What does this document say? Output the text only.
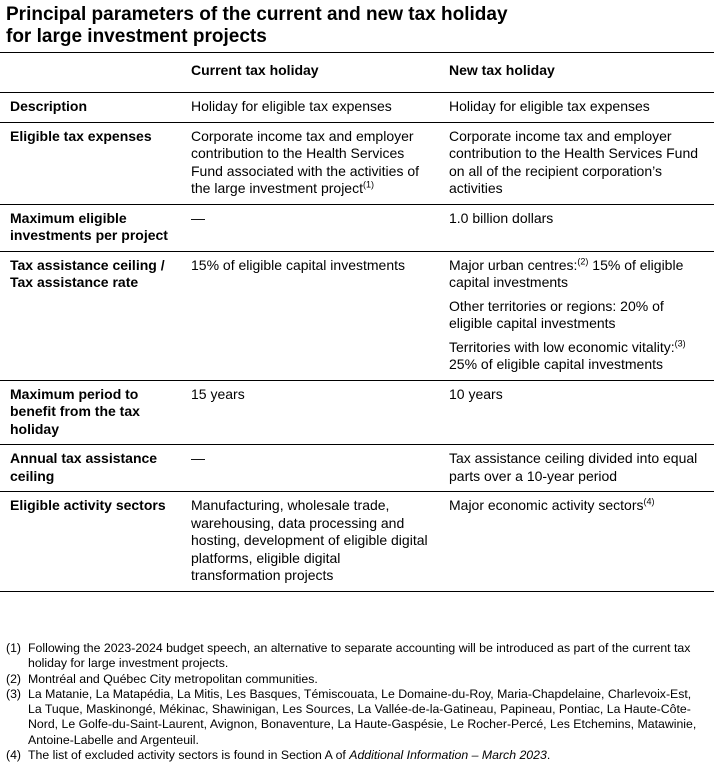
Principal parameters of the current and new tax holiday
for large investment projects
	Current tax holiday	New tax holiday
Description	Holiday for eligible tax expenses	Holiday for eligible tax expenses
Eligible tax expenses	Corporate income tax and employer contribution to the Health Services Fund associated with the activities of the large investment project$^{(1)}$	Corporate income tax and employer contribution to the Health Services Fund on all of the recipient corporation’s activities
Maximum eligible investments per project	—	1.0 billion dollars
Tax assistance ceiling / Tax assistance rate	15% of eligible capital investments	Major urban centres:$^{(2)}$ 15% of eligible capital investments
Other territories or regions: 20% of eligible capital investments
Territories with low economic vitality:$^{(3)}$ 25% of eligible capital investments

Maximum period to benefit from the tax holiday	15 years	10 years
Annual tax assistance ceiling	—	Tax assistance ceiling divided into equal parts over a 10-year period
Eligible activity sectors	Manufacturing, wholesale trade, warehousing, data processing and hosting, development of eligible digital platforms, eligible digital transformation projects	Major economic activity sectors$^{(4)}$
(1) Following the 2023-2024 budget speech, an alternative to separate accounting will be introduced as part of the current tax holiday for large investment projects.
(2) Montréal and Québec City metropolitan communities.
(3) La Matanie, La Matapédia, La Mitis, Les Basques, Témiscouata, Le Domaine-du-Roy, Maria-Chapdelaine, Charlevoix-Est, La Tuque, Maskinongé, Mékinac, Shawinigan, Les Sources, La Vallée-de-la-Gatineau, Papineau, Pontiac, La Haute-Côte-Nord, Le Golfe-du-Saint-Laurent, Avignon, Bonaventure, La Haute-Gaspésie, Le Rocher-Percé, Les Etchemins, Matawinie, Antoine-Labelle and Argenteuil.
(4) The list of excluded activity sectors is found in Section A of Additional Information – March 2023.
